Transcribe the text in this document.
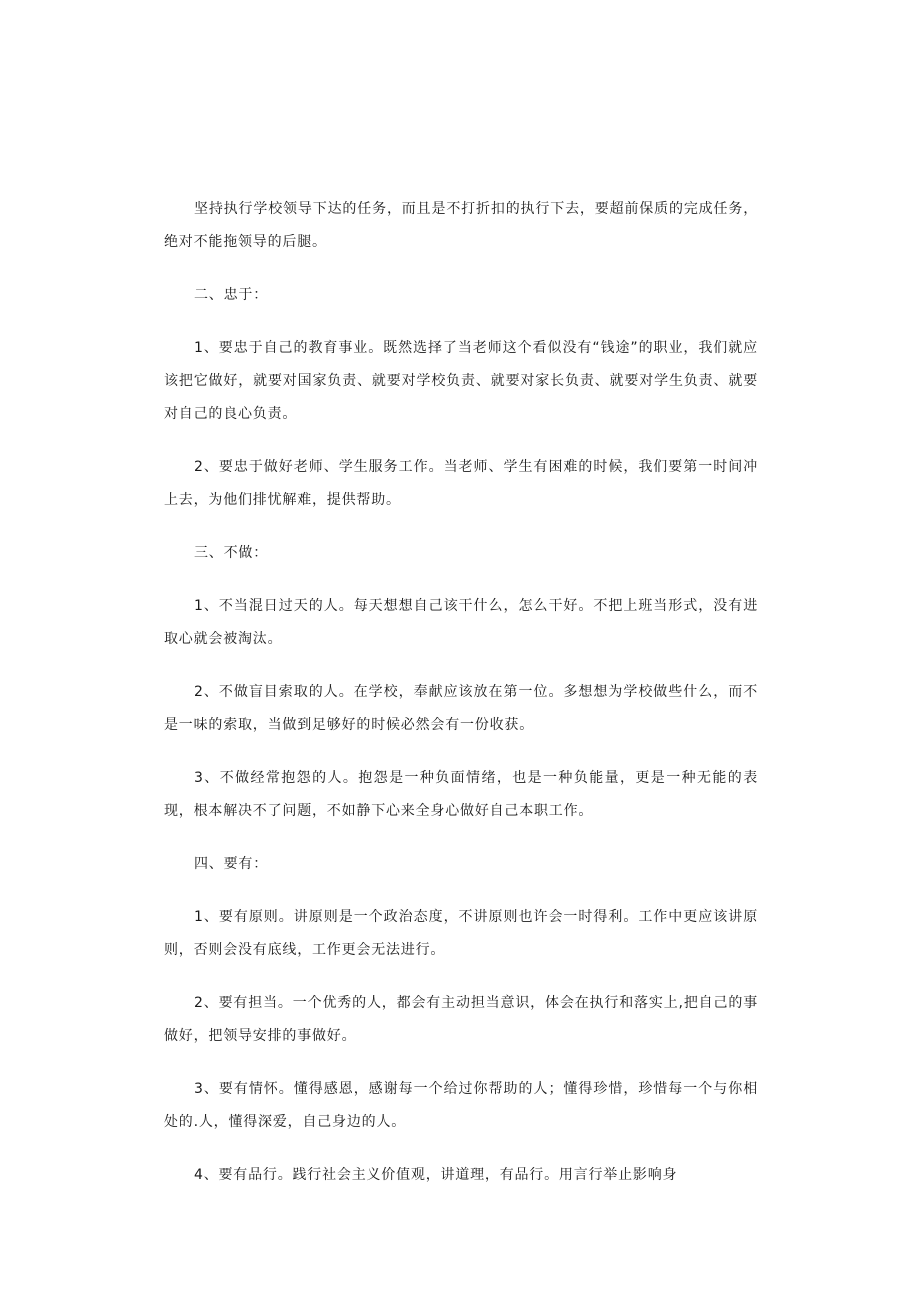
坚持执行学校领导下达的任务，而且是不打折扣的执行下去，要超前保质的完成任务，绝对不能拖领导的后腿。

二、忠于：

1、要忠于自己的教育事业。既然选择了当老师这个看似没有“钱途”的职业，我们就应该把它做好，就要对国家负责、就要对学校负责、就要对家长负责、就要对学生负责、就要对自己的良心负责。

2、要忠于做好老师、学生服务工作。当老师、学生有困难的时候，我们要第一时间冲上去，为他们排忧解难，提供帮助。

三、不做：

1、不当混日过天的人。每天想想自己该干什么，怎么干好。不把上班当形式，没有进取心就会被淘汰。

2、不做盲目索取的人。在学校，奉献应该放在第一位。多想想为学校做些什么，而不是一味的索取，当做到足够好的时候必然会有一份收获。

3、不做经常抱怨的人。抱怨是一种负面情绪，也是一种负能量，更是一种无能的表现，根本解决不了问题，不如静下心来全身心做好自己本职工作。

四、要有：

1、要有原则。讲原则是一个政治态度，不讲原则也许会一时得利。工作中更应该讲原则，否则会没有底线，工作更会无法进行。

2、要有担当。一个优秀的人，都会有主动担当意识，体会在执行和落实上,把自己的事做好，把领导安排的事做好。

3、要有情怀。懂得感恩，感谢每一个给过你帮助的人；懂得珍惜，珍惜每一个与你相处的.人，懂得深爱，自己身边的人。

4、要有品行。践行社会主义价值观，讲道理，有品行。用言行举止影响身
